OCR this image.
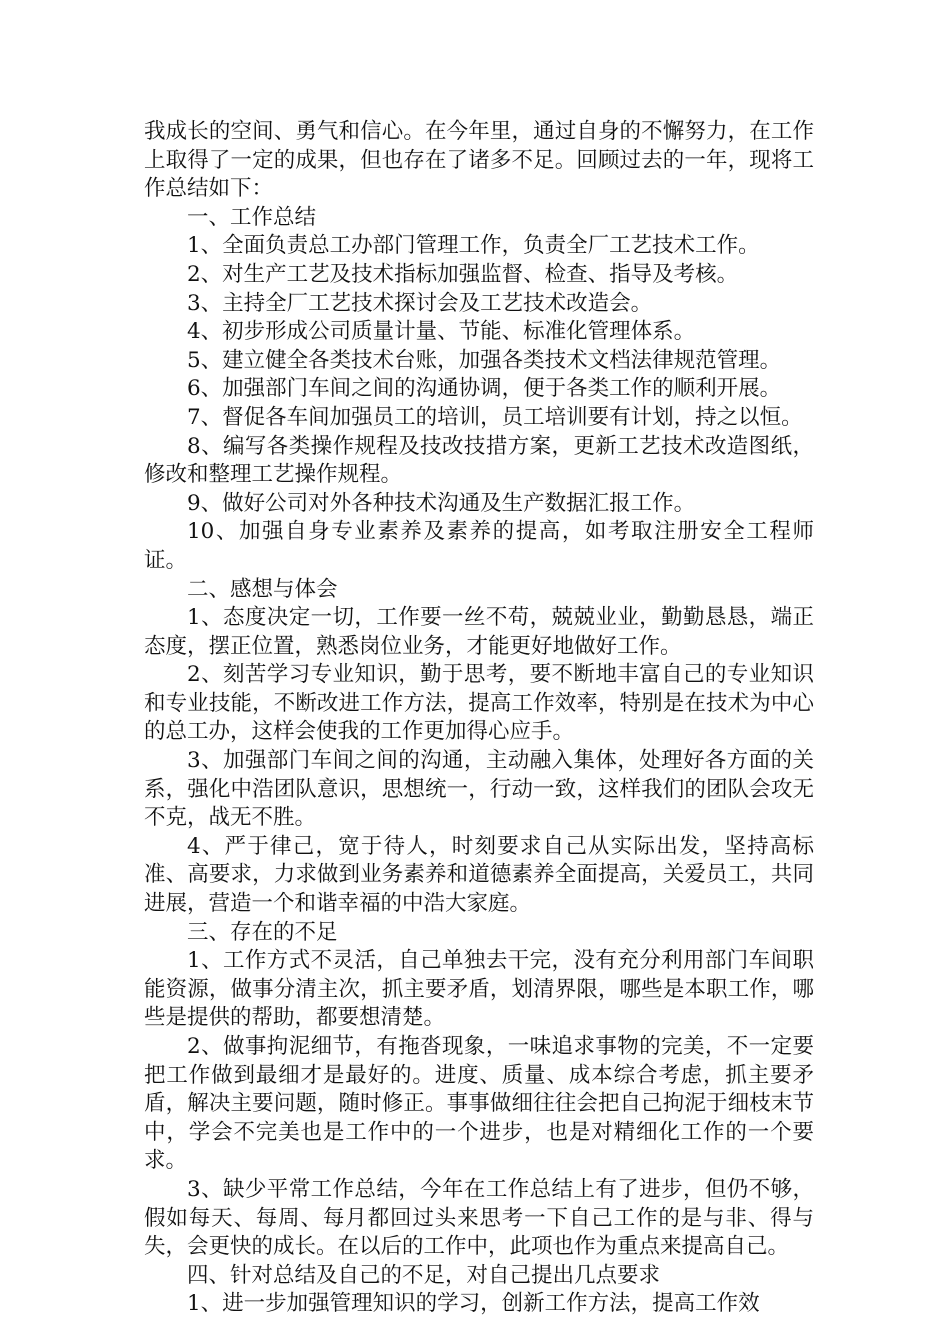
我成长的空间、勇气和信心。在今年里，通过自身的不懈努力，在工作上取得了一定的成果，但也存在了诸多不足。回顾过去的一年，现将工作总结如下：

一、工作总结

1、全面负责总工办部门管理工作，负责全厂工艺技术工作。

2、对生产工艺及技术指标加强监督、检查、指导及考核。

3、主持全厂工艺技术探讨会及工艺技术改造会。

4、初步形成公司质量计量、节能、标准化管理体系。

5、建立健全各类技术台账，加强各类技术文档法律规范管理。

6、加强部门车间之间的沟通协调，便于各类工作的顺利开展。

7、督促各车间加强员工的培训，员工培训要有计划，持之以恒。

8、编写各类操作规程及技改技措方案，更新工艺技术改造图纸，修改和整理工艺操作规程。

9、做好公司对外各种技术沟通及生产数据汇报工作。

10、加强自身专业素养及素养的提高，如考取注册安全工程师证。

二、感想与体会

1、态度决定一切，工作要一丝不苟，兢兢业业，勤勤恳恳，端正态度，摆正位置，熟悉岗位业务，才能更好地做好工作。

2、刻苦学习专业知识，勤于思考，要不断地丰富自己的专业知识和专业技能，不断改进工作方法，提高工作效率，特别是在技术为中心的总工办，这样会使我的工作更加得心应手。

3、加强部门车间之间的沟通，主动融入集体，处理好各方面的关系，强化中浩团队意识，思想统一，行动一致，这样我们的团队会攻无不克，战无不胜。

4、严于律己，宽于待人，时刻要求自己从实际出发，坚持高标准、高要求，力求做到业务素养和道德素养全面提高，关爱员工，共同进展，营造一个和谐幸福的中浩大家庭。

三、存在的不足

1、工作方式不灵活，自己单独去干完，没有充分利用部门车间职能资源，做事分清主次，抓主要矛盾，划清界限，哪些是本职工作，哪些是提供的帮助，都要想清楚。

2、做事拘泥细节，有拖沓现象，一味追求事物的完美，不一定要把工作做到最细才是最好的。进度、质量、成本综合考虑，抓主要矛盾，解决主要问题，随时修正。事事做细往往会把自己拘泥于细枝末节中，学会不完美也是工作中的一个进步，也是对精细化工作的一个要求。

3、缺少平常工作总结，今年在工作总结上有了进步，但仍不够，假如每天、每周、每月都回过头来思考一下自己工作的是与非、得与失，会更快的成长。在以后的工作中，此项也作为重点来提高自己。

四、针对总结及自己的不足，对自己提出几点要求

1、进一步加强管理知识的学习，创新工作方法，提高工作效
